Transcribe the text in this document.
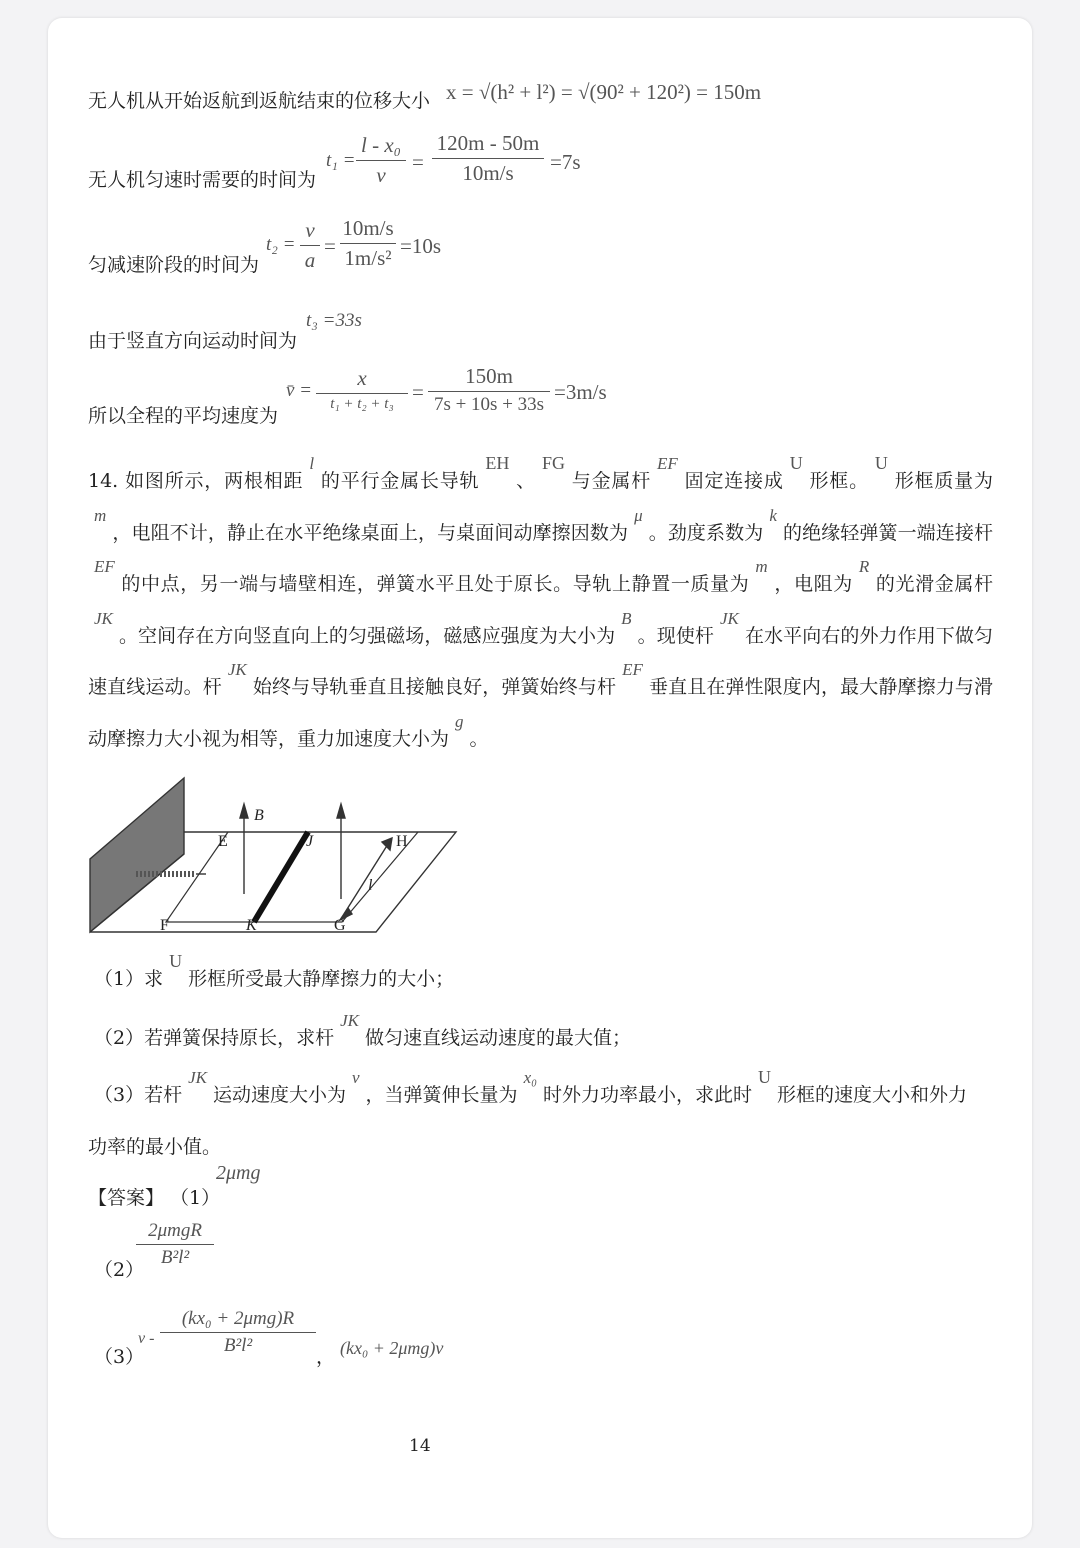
无人机从开始返航到返航结束的位移大小 x = √(h² + l²) = √(90² + 120²) = 150m
无人机匀速时需要的时间为
t₁ =
l - x₀
v
=
120m - 50m
10m/s	=7s
匀减速阶段的时间为
t₂ =
v
a
=
10m/s
1m/s² =10s
由于竖直方向运动时间为
t₃ =33s
所以全程的平均速度为
v̄ =
x
t₁ + t₂ + t₃ =
150m
7s + 10s + 33s
=3m/s
14. 如图所示，两根相距l的平行金属长导轨EH、FG与金属杆EF固定连接成U形框。U形框质量为m，电阻不计，静止在水平绝缘桌面上，与桌面间动摩擦因数为μ。劲度系数为k的绝缘轻弹簧一端连接杆EF的中点，另一端与墙壁相连，弹簧水平且处于原长。导轨上静置一质量为m，电阻为R的光滑金属杆JK。空间存在方向竖直向上的匀强磁场，磁感应强度为大小为B。现使杆JK在水平向右的外力作用下做匀速直线运动。杆JK始终与导轨垂直且接触良好，弹簧始终与杆EF垂直且在弹性限度内，最大静摩擦力与滑动摩擦力大小视为相等，重力加速度大小为g。
B
E	J	H
l
F	K	G
（1）求U形框所受最大静摩擦力的大小；
（2）若弹簧保持原长，求杆JK做匀速直线运动速度的最大值；
（3）若杆JK运动速度大小为v，当弹簧伸长量为x₀时外力功率最小，求此时U形框的速度大小和外力
功率的最小值。
【答案】 （1）
2μmg
（2）
2μmgR
B²l²
（3）
v -
(kx₀ + 2μmg)R
B²l²
， (kx₀ + 2μmg)v
14
